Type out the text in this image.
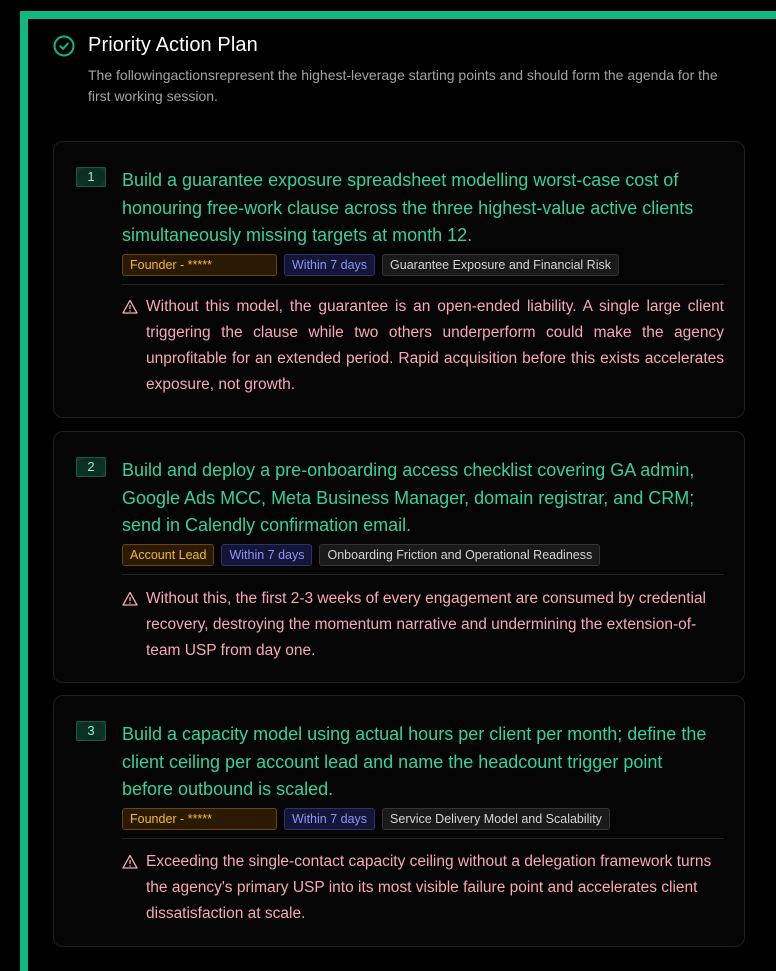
Priority Action Plan
The followingactionsrepresent the highest-leverage starting points and should form the agenda for the first working session.
1	Build a guarantee exposure spreadsheet modelling worst-case cost of honouring free-work clause across the three highest-value active clients simultaneously missing targets at month 12.
Founder - *****	Within 7 days	Guarantee Exposure and Financial Risk
Without this model, the guarantee is an open-ended liability. A single large client triggering the clause while two others underperform could make the agency unprofitable for an extended period. Rapid acquisition before this exists accelerates exposure, not growth.
2	Build and deploy a pre-onboarding access checklist covering GA admin, Google Ads MCC, Meta Business Manager, domain registrar, and CRM; send in Calendly confirmation email.
Account Lead	Within 7 days	Onboarding Friction and Operational Readiness
Without this, the first 2-3 weeks of every engagement are consumed by credential recovery, destroying the momentum narrative and undermining the extension-of-team USP from day one.
3	Build a capacity model using actual hours per client per month; define the client ceiling per account lead and name the headcount trigger point before outbound is scaled.
Founder - *****	Within 7 days	Service Delivery Model and Scalability
Exceeding the single-contact capacity ceiling without a delegation framework turns the agency's primary USP into its most visible failure point and accelerates client dissatisfaction at scale.
